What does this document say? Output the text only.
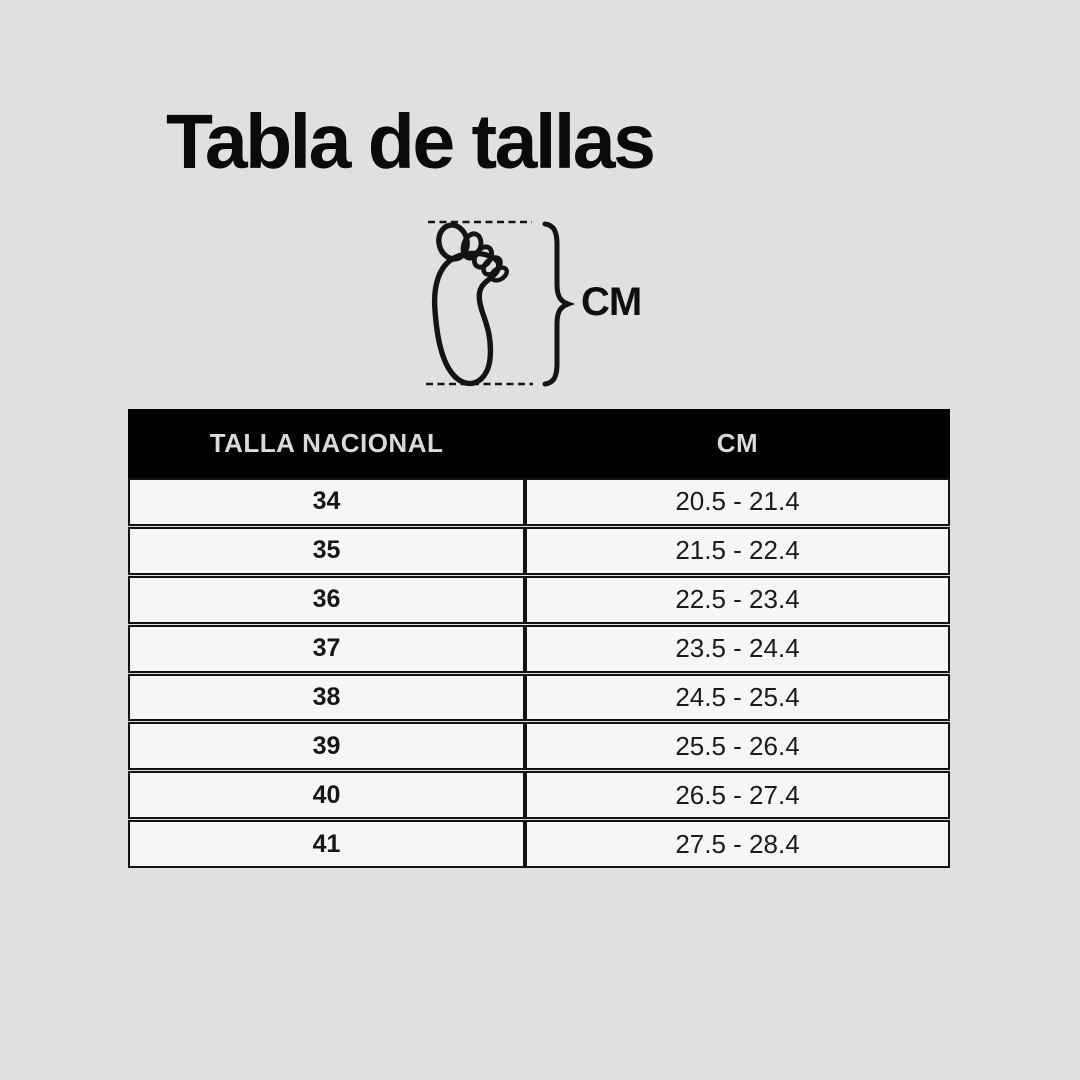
Tabla de tallas
CM
TALLA NACIONAL	CM
34	20.5 - 21.4
35	21.5 - 22.4
36	22.5 - 23.4
37	23.5 - 24.4
38	24.5 - 25.4
39	25.5 - 26.4
40	26.5 - 27.4
41	27.5 - 28.4
